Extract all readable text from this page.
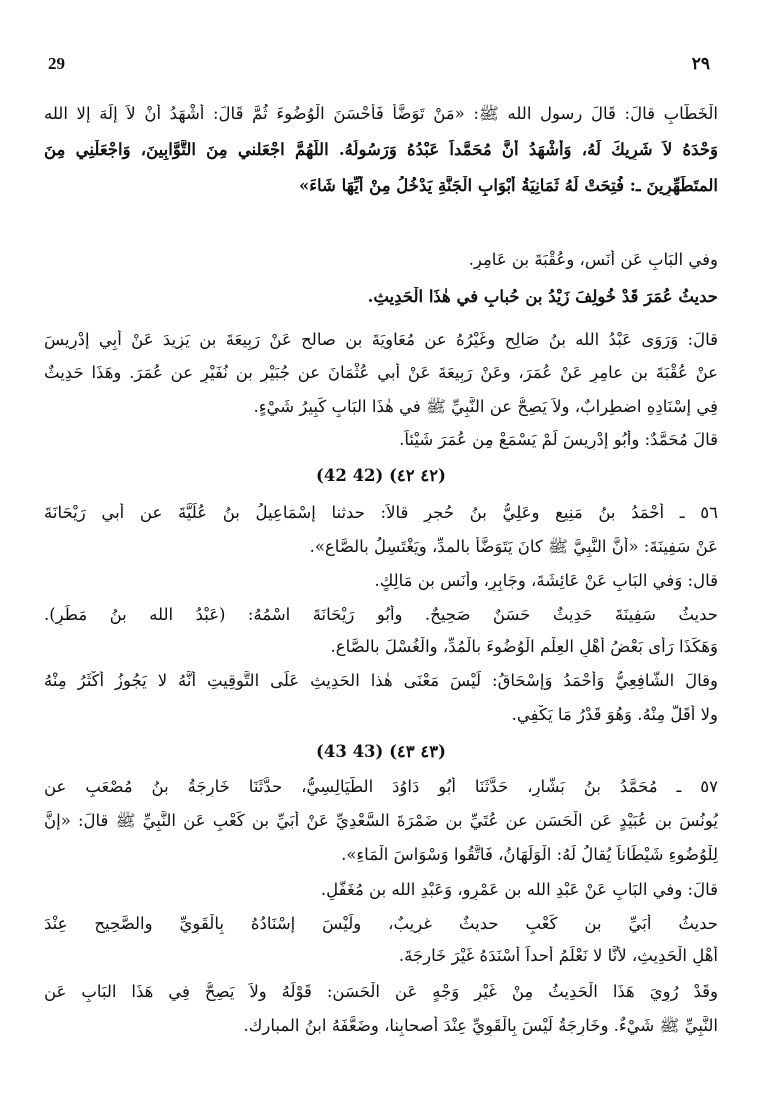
29	٢٩
الْخَطَّابِ قالَ: قَالَ رسول الله ﷺ: «مَنْ تَوَضَّأَ فَأَحْسَنَ الْوُضُوءَ ثُمَّ قَالَ: أَشْهَدُ أَنْ لاَ إِلَهَ إلا الله
وَحْدَهُ لاَ شَرِيكَ لَهُ، وَأَشْهَدُ أَنَّ مُحَمَّداً عَبْدُهُ وَرَسُولُهُ. اللَّهُمَّ اجْعَلني مِنَ التَّوَّابِينَ، وَاجْعَلْنِي مِنَ
المتَطَهِّرِينَ ـ: فُتِحَتْ لَهُ ثَمَانِيَةُ أَبْوَابِ الْجَنَّةِ يَدْخُلُ مِنْ أَيِّهَا شَاءَ»
وفي البَابِ عَن أَنَسٍ، وعُقْبَةَ بنِ عَامِرٍ.
حديثُ عُمَرَ قَدْ خُولِفَ زَيْدُ بن حُبابٍ في هٰذَا الْحَدِيثِ.
قالَ: وَرَوَى عَبْدُ الله بنُ صَالِحٍ وغَيْرُهُ عن مُعَاوِيَةَ بنِ صالحٍ عَنْ رَبِيعَةَ بنِ يَزِيدَ عَنْ أَبِي إدْرِيسَ
عنْ عُقْبَةَ بنِ عامِرٍ عَنْ عُمَرَ، وعَنْ رَبِيعَةَ عَنْ أَبي عُثْمَانَ عن جُبَيْرِ بن نُفَيْرٍ عن عُمَرَ. وهَذَا حَدِيثٌ
فِي إسْنَادِهِ اضطِرابٌ، ولاَ يَصِحُّ عن النَّبِيِّ ﷺ في هٰذَا البَابِ كَبِيرُ شَيْءٍ.
قالَ مُحَمَّدٌ: وأَبُو إدْرِيسَ لَمْ يَسْمَعْ مِن عُمَرَ شَيْئاً.
(٤٢ ٤٢) (42 42)
٥٦ ـ أحْمَدُ بنُ مَنِيعٍ وعَلِيُّ بنُ حُجرٍ قالاَ: حدثنا إسْمَاعِيلُ بنُ عُلَيَّةَ عن أبي رَيْحَانَةَ
عَنْ سَفِينَةَ: «أَنَّ النَّبِيَّ ﷺ كانَ يَتَوَضَّأُ بالمدِّ، ويَغْتَسِلُ بالصَّاعِ».
قال: وَفي البَابِ عَنْ عَائِشَةَ، وجَابِرٍ، وأَنَسِ بنِ مَالِكٍ.
حديثُ سَفِينَةَ حَدِيثٌ حَسَنٌ صَحِيحٌ. وأَبُو رَيْحَانَةَ اسْمُهُ: (عَبْدُ الله بنُ مَطَرٍ).
وَهَكَذَا رَأَى بَعْضُ أَهْلِ العِلْمِ الْوُضُوءَ بالْمُدِّ، والْغُسْلَ بالصَّاعِ.
وقالَ الشَّافِعِيُّ وَأَحْمَدُ وَإسْحَاقُ: لَيْسَ مَعْنَى هٰذا الحَدِيثِ عَلَى التَّوقِيتِ أَنَّهُ لا يَجُوزُ أكْثَرُ مِنْهُ
ولا أَقَلُّ مِنْهُ. وَهُوَ قَدْرُ مَا يَكْفِي.
(٤٣ ٤٣) (43 43)
٥٧ ـ مُحَمَّدُ بنُ بَشَّارٍ، حَدَّثَنَا أَبُو دَاوُدَ الطَّيَالِسِيُّ، حدَّثَنَا خَارِجَةُ بنُ مُصْعَبٍ عن
يُونُسَ بنِ عُبَيْدٍ عَنِ الْحَسَنِ عن عُتَيِّ بنِ ضَمْرَةَ السَّعْدِيِّ عَنْ أُبَيِّ بنِ كَعْبٍ عَنِ النَّبِيِّ ﷺ قالَ: «إنَّ
لِلْوُضُوءِ شَيْطَاناً يُقالُ لَهُ: الْوَلَهَانُ، فَاتَّقُوا وَسْوَاسَ الْمَاءِ».
قالَ: وفي البَابِ عَنْ عَبْدِ الله بنِ عَمْرٍو، وَعَبْدِ الله بنِ مُغَفَّلٍ.
حديثُ أُبَيِّ بن كَعْبٍ حديثٌ غرِيبٌ، ولَيْسَ إسْنَادُهُ بِالْقَوِيِّ والصَّحِيحِ عِنْدَ
أَهْلِ الْحَدِيثِ، لأنَّا لا نَعْلَمُ أحداً أسْنَدَهُ غَيْرَ خَارِجَةَ.
وقَدْ رُوِيَ هَذَا الْحَدِيثُ مِنْ غَيْرِ وَجْهٍ عَنِ الْحَسَنِ: قَوْلَهُ ولاَ يَصِحُّ فِي هَذَا البَابِ عَنِ
النَّبِيِّ ﷺ شَيْءٌ. وخَارِجَةُ لَيْسَ بِالْقَوِيِّ عِنْدَ أصحابِنا، وضَعَّفَهُ ابنُ المبارك.
